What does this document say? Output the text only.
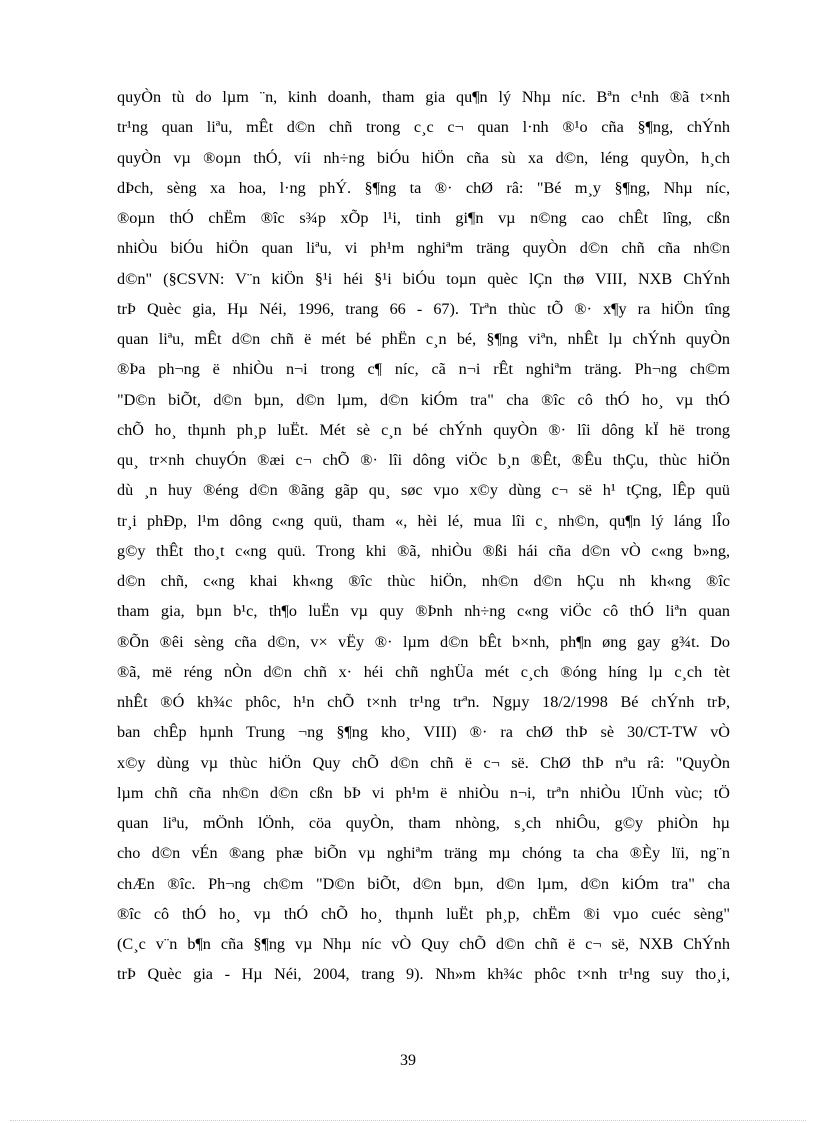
quyÒn tù do lµm ¨n, kinh doanh, tham gia qu¶n lý Nhµ níc. Bªn c¹nh ®ã t×nh
tr¹ng quan liªu, mÊt d©n chñ trong c¸c c¬ quan l·nh ®¹o cña §¶ng, chÝnh
quyÒn vµ ®oµn thÓ, víi nh÷ng biÓu hiÖn cña sù xa d©n, léng quyÒn, h¸ch
dÞch, sèng xa hoa, l·ng phÝ. §¶ng ta ®· chØ râ: "Bé m¸y §¶ng, Nhµ níc,
®oµn thÓ chËm ®îc s¾p xÕp l¹i, tinh gi¶n vµ n©ng cao chÊt lîng, cßn
nhiÒu biÓu hiÖn quan liªu, vi ph¹m nghiªm träng quyÒn d©n chñ cña nh©n
d©n" (§CSVN: V¨n kiÖn §¹i héi §¹i biÓu toµn quèc lÇn thø VIII, NXB ChÝnh
trÞ Quèc gia, Hµ Néi, 1996, trang 66 - 67). Trªn thùc tÕ ®· x¶y ra hiÖn tîng
quan liªu, mÊt d©n chñ ë mét bé phËn c¸n bé, §¶ng viªn, nhÊt lµ chÝnh quyÒn
®Þa ph¬ng ë nhiÒu n¬i trong c¶ níc, cã n¬i rÊt nghiªm träng. Ph¬ng ch©m
"D©n biÕt, d©n bµn, d©n lµm, d©n kiÓm tra" cha ®îc cô thÓ ho¸ vµ thÓ
chÕ ho¸ thµnh ph¸p luËt. Mét sè c¸n bé chÝnh quyÒn ®· lîi dông kÏ hë trong
qu¸ tr×nh chuyÓn ®æi c¬ chÕ ®· lîi dông viÖc b¸n ®Êt, ®Êu thÇu, thùc hiÖn
dù ¸n huy ®éng d©n ®ãng gãp qu¸ søc vµo x©y dùng c¬ së h¹ tÇng, lÊp quü
tr¸i phÐp, l¹m dông c«ng quü, tham «, hèi lé, mua lîi c¸ nh©n, qu¶n lý láng lÎo
g©y thÊt tho¸t c«ng quü. Trong khi ®ã, nhiÒu ®ßi hái cña d©n vÒ c«ng b»ng,
d©n chñ, c«ng khai kh«ng ®îc thùc hiÖn, nh©n d©n hÇu nh kh«ng ®îc
tham gia, bµn b¹c, th¶o luËn vµ quy ®Þnh nh÷ng c«ng viÖc cô thÓ liªn quan
®Õn ®êi sèng cña d©n, v× vËy ®· lµm d©n bÊt b×nh, ph¶n øng gay g¾t. Do
®ã, më réng nÒn d©n chñ x· héi chñ nghÜa mét c¸ch ®óng híng lµ c¸ch tèt
nhÊt ®Ó kh¾c phôc, h¹n chÕ t×nh tr¹ng trªn. Ngµy 18/2/1998 Bé chÝnh trÞ,
ban chÊp hµnh Trung ¬ng §¶ng kho¸ VIII) ®· ra chØ thÞ sè 30/CT-TW vÒ
x©y dùng vµ thùc hiÖn Quy chÕ d©n chñ ë c¬ së. ChØ thÞ nªu râ: "QuyÒn
lµm chñ cña nh©n d©n cßn bÞ vi ph¹m ë nhiÒu n¬i, trªn nhiÒu lÜnh vùc; tÖ
quan liªu, mÖnh lÖnh, cöa quyÒn, tham nhòng, s¸ch nhiÔu, g©y phiÒn hµ
cho d©n vÉn ®ang phæ biÕn vµ nghiªm träng mµ chóng ta cha ®Èy lïi, ng¨n
chÆn ®îc. Ph¬ng ch©m "D©n biÕt, d©n bµn, d©n lµm, d©n kiÓm tra" cha
®îc cô thÓ ho¸ vµ thÓ chÕ ho¸ thµnh luËt ph¸p, chËm ®i vµo cuéc sèng"
(C¸c v¨n b¶n cña §¶ng vµ Nhµ níc vÒ Quy chÕ d©n chñ ë c¬ së, NXB ChÝnh
trÞ Quèc gia - Hµ Néi, 2004, trang 9). Nh»m kh¾c phôc t×nh tr¹ng suy tho¸i,
39
